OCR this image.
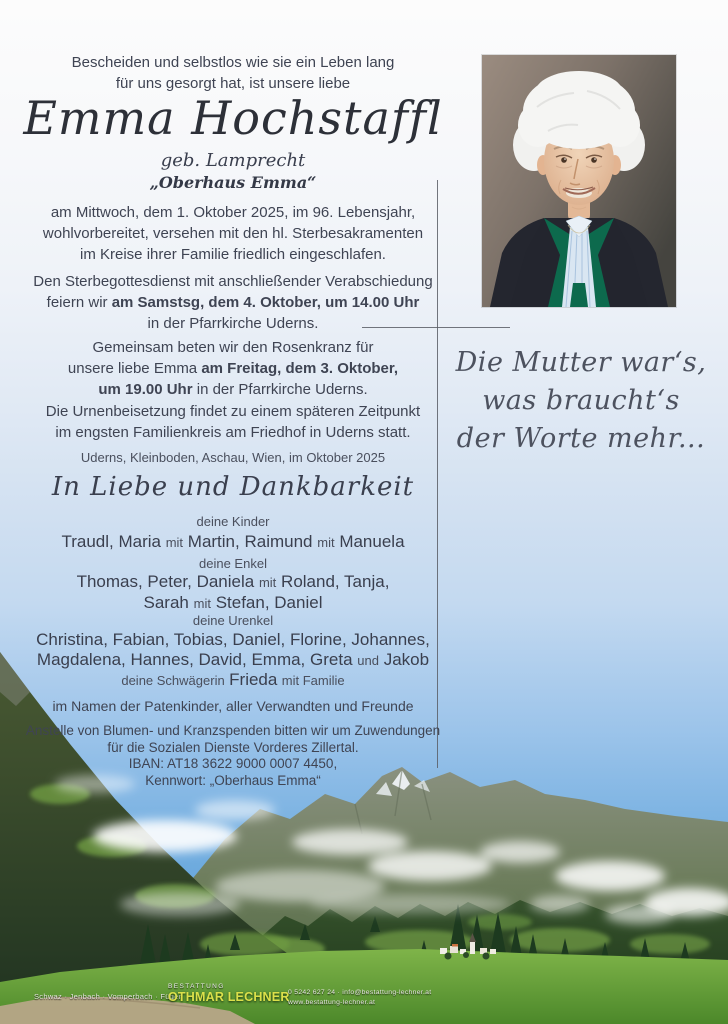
Bescheiden und selbstlos wie sie ein Leben lang
für uns gesorgt hat, ist unsere liebe
Emma Hochstaffl
geb. Lamprecht
„Oberhaus Emma“
am Mittwoch, dem 1. Oktober 2025, im 96. Lebensjahr,
wohlvorbereitet, versehen mit den hl. Sterbesakramenten
im Kreise ihrer Familie friedlich eingeschlafen.
Den Sterbegottesdienst mit anschließender Verabschiedung
feiern wir am Samstsg, dem 4. Oktober, um 14.00 Uhr
in der Pfarrkirche Uderns.
Gemeinsam beten wir den Rosenkranz für
unsere liebe Emma am Freitag, dem 3. Oktober,
um 19.00 Uhr in der Pfarrkirche Uderns.
Die Urnenbeisetzung findet zu einem späteren Zeitpunkt
im engsten Familienkreis am Friedhof in Uderns statt.
Uderns, Kleinboden, Aschau, Wien, im Oktober 2025
In Liebe und Dankbarkeit
deine Kinder
Traudl, Maria mit Martin, Raimund mit Manuela
deine Enkel
Thomas, Peter, Daniela mit Roland, Tanja,
Sarah mit Stefan, Daniel
deine Urenkel
Christina, Fabian, Tobias, Daniel, Florine, Johannes,
Magdalena, Hannes, David, Emma, Greta und Jakob
deine Schwägerin Frieda mit Familie
im Namen der Patenkinder, aller Verwandten und Freunde
Anstelle von Blumen- und Kranzspenden bitten wir um Zuwendungen
für die Sozialen Dienste Vorderes Zillertal.
IBAN: AT18 3622 9000 0007 4450,
Kennwort: „Oberhaus Emma“
Die Mutter war‘s,
was braucht‘s
der Worte mehr...
Schwaz · Jenbach · Vomperbach · Fügen
BESTATTUNG
OTHMAR LECHNER
0 5242 627 24 · info@bestattung-lechner.at
www.bestattung-lechner.at
